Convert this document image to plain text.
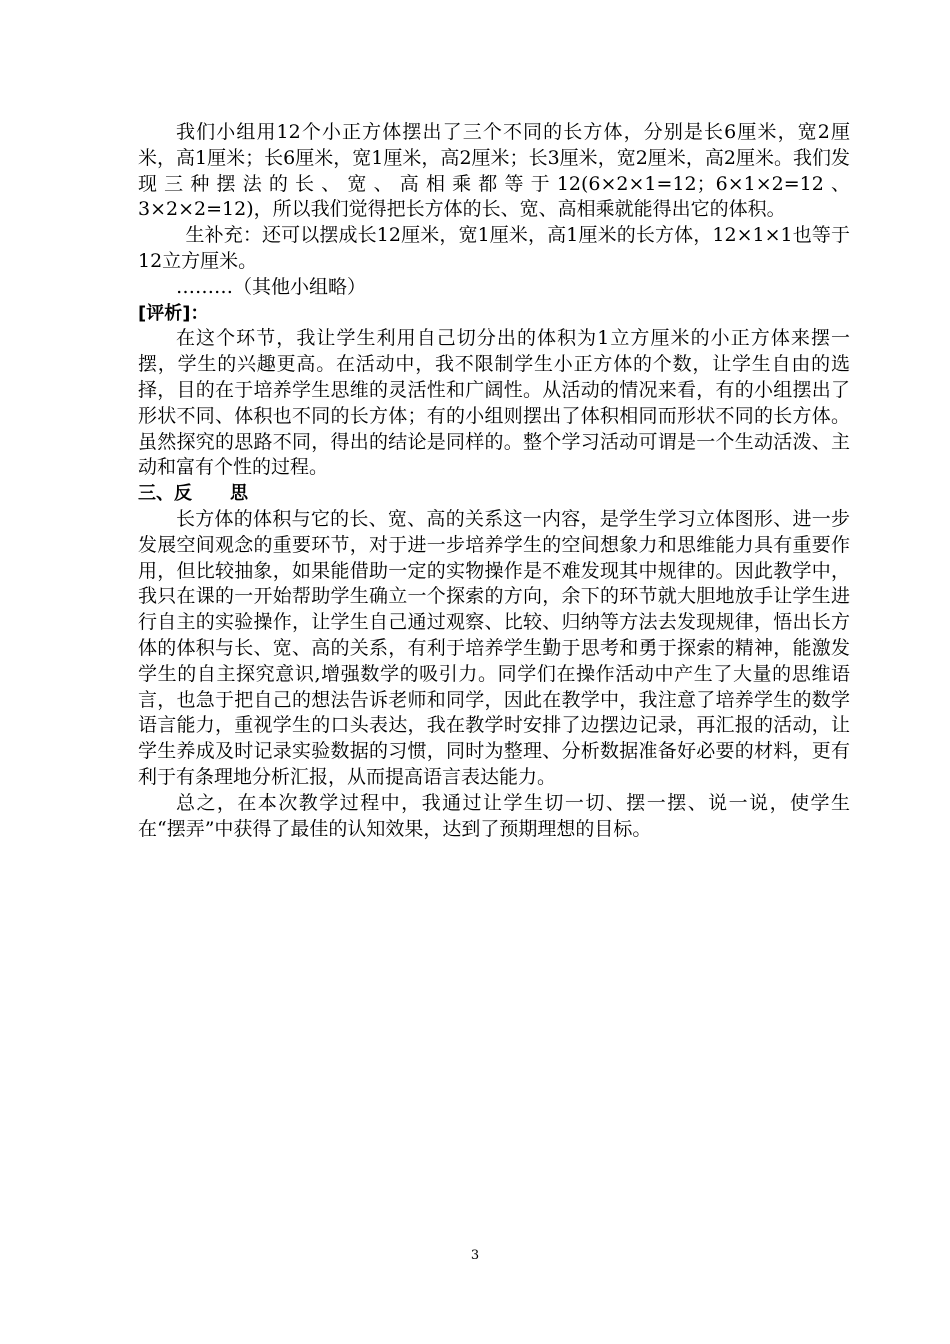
我们小组用12个小正方体摆出了三个不同的长方体，分别是长6厘米，宽2厘米，高1厘米；长6厘米，宽1厘米，高2厘米；长3厘米，宽2厘米，高2厘米。我们发现三种摆法的长、宽、高相乘都等于12(6×2×1=12；6×1×2=12、3×2×2=12)，所以我们觉得把长方体的长、宽、高相乘就能得出它的体积。

生补充：还可以摆成长12厘米，宽1厘米，高1厘米的长方体，12×1×1也等于12立方厘米。

………（其他小组略）

[评析]：

在这个环节，我让学生利用自己切分出的体积为1立方厘米的小正方体来摆一摆，学生的兴趣更高。在活动中，我不限制学生小正方体的个数，让学生自由的选择，目的在于培养学生思维的灵活性和广阔性。从活动的情况来看，有的小组摆出了形状不同、体积也不同的长方体；有的小组则摆出了体积相同而形状不同的长方体。虽然探究的思路不同，得出的结论是同样的。整个学习活动可谓是一个生动活泼、主动和富有个性的过程。

三、反 思

长方体的体积与它的长、宽、高的关系这一内容，是学生学习立体图形、进一步发展空间观念的重要环节，对于进一步培养学生的空间想象力和思维能力具有重要作用，但比较抽象，如果能借助一定的实物操作是不难发现其中规律的。因此教学中，我只在课的一开始帮助学生确立一个探索的方向，余下的环节就大胆地放手让学生进行自主的实验操作，让学生自己通过观察、比较、归纳等方法去发现规律，悟出长方体的体积与长、宽、高的关系，有利于培养学生勤于思考和勇于探索的精神，能激发学生的自主探究意识,增强数学的吸引力。同学们在操作活动中产生了大量的思维语言，也急于把自己的想法告诉老师和同学，因此在教学中，我注意了培养学生的数学语言能力，重视学生的口头表达，我在教学时安排了边摆边记录，再汇报的活动，让学生养成及时记录实验数据的习惯，同时为整理、分析数据准备好必要的材料，更有利于有条理地分析汇报，从而提高语言表达能力。

总之，在本次教学过程中，我通过让学生切一切、摆一摆、说一说，使学生在“摆弄”中获得了最佳的认知效果，达到了预期理想的目标。

3
